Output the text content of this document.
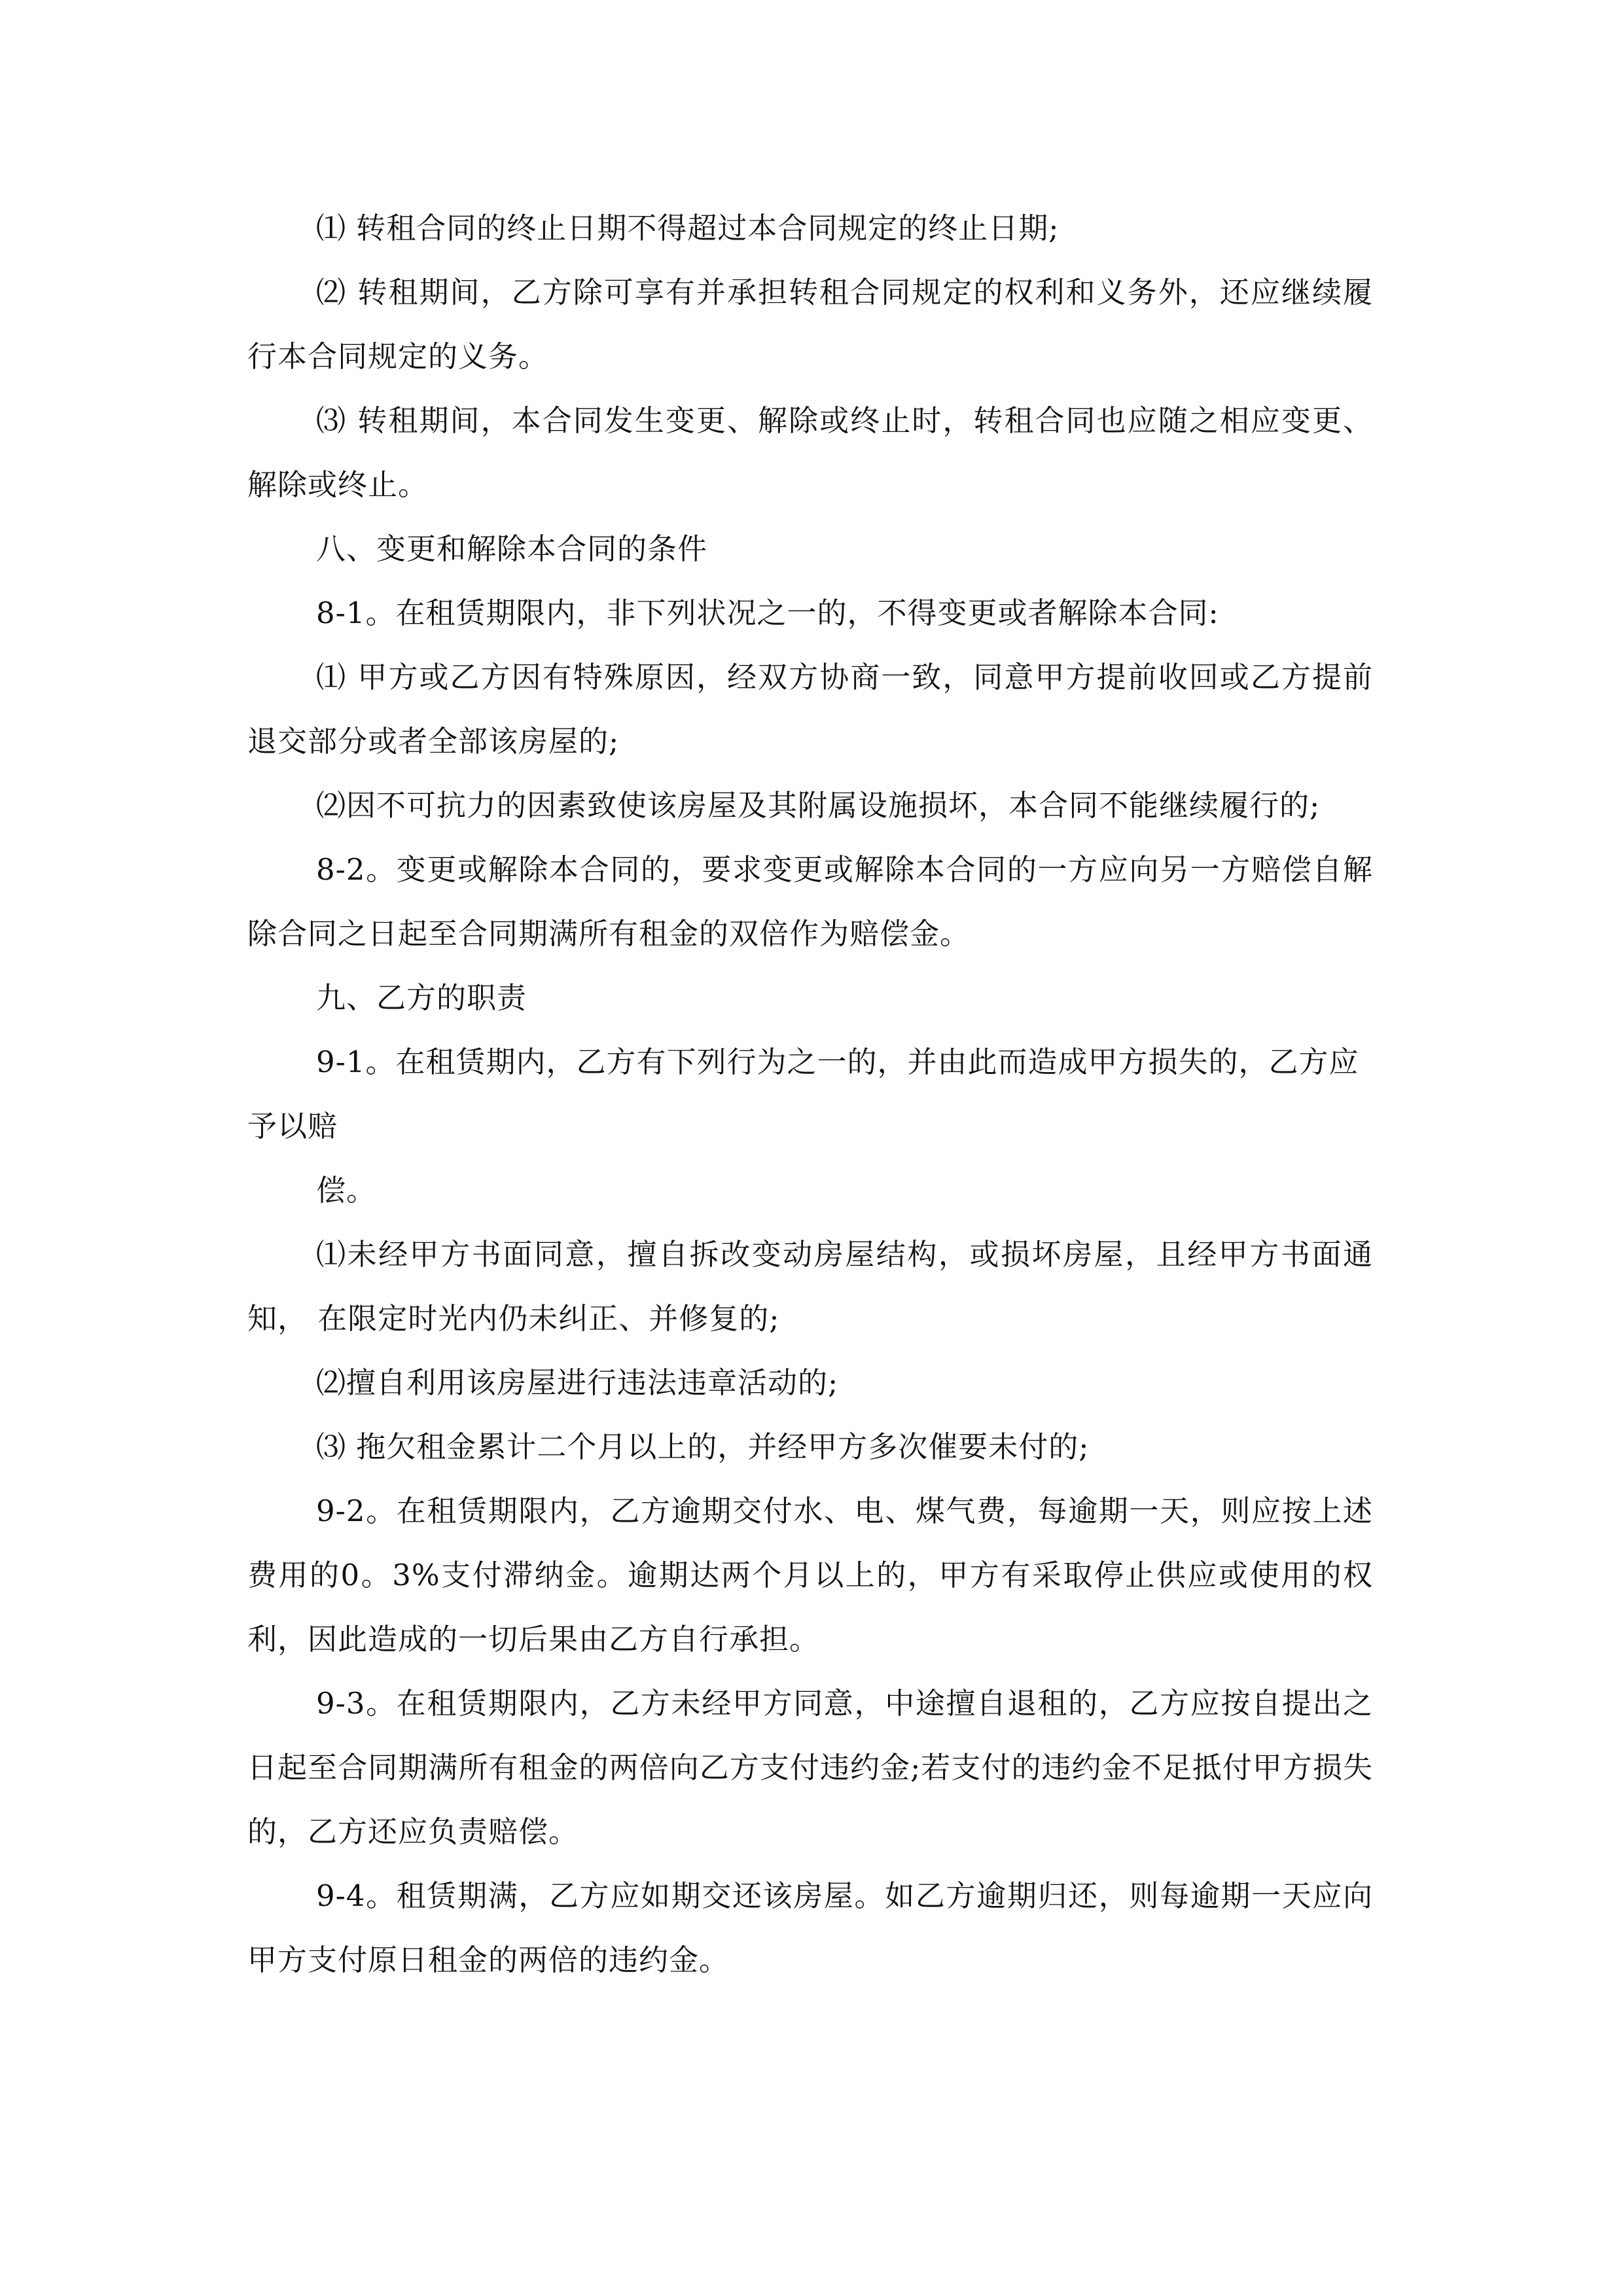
⑴ 转租合同的终止日期不得超过本合同规定的终止日期;

⑵ 转租期间，乙方除可享有并承担转租合同规定的权利和义务外，还应继续履行本合同规定的义务。

⑶ 转租期间，本合同发生变更、解除或终止时，转租合同也应随之相应变更、解除或终止。

八、变更和解除本合同的条件

8-1。在租赁期限内，非下列状况之一的，不得变更或者解除本合同:

⑴ 甲方或乙方因有特殊原因，经双方协商一致，同意甲方提前收回或乙方提前退交部分或者全部该房屋的;

⑵因不可抗力的因素致使该房屋及其附属设施损坏，本合同不能继续履行的;

8-2。变更或解除本合同的，要求变更或解除本合同的一方应向另一方赔偿自解除合同之日起至合同期满所有租金的双倍作为赔偿金。

九、乙方的职责

9-1。在租赁期内，乙方有下列行为之一的，并由此而造成甲方损失的，乙方应予以赔

偿。

⑴未经甲方书面同意，擅自拆改变动房屋结构，或损坏房屋，且经甲方书面通知， 在限定时光内仍未纠正、并修复的;

⑵擅自利用该房屋进行违法违章活动的;

⑶ 拖欠租金累计二个月以上的，并经甲方多次催要未付的;

9-2。在租赁期限内，乙方逾期交付水、电、煤气费，每逾期一天，则应按上述费用的0。3%支付滞纳金。逾期达两个月以上的，甲方有采取停止供应或使用的权利，因此造成的一切后果由乙方自行承担。

9-3。在租赁期限内，乙方未经甲方同意，中途擅自退租的，乙方应按自提出之日起至合同期满所有租金的两倍向乙方支付违约金;若支付的违约金不足抵付甲方损失的，乙方还应负责赔偿。

9-4。租赁期满，乙方应如期交还该房屋。如乙方逾期归还，则每逾期一天应向甲方支付原日租金的两倍的违约金。
